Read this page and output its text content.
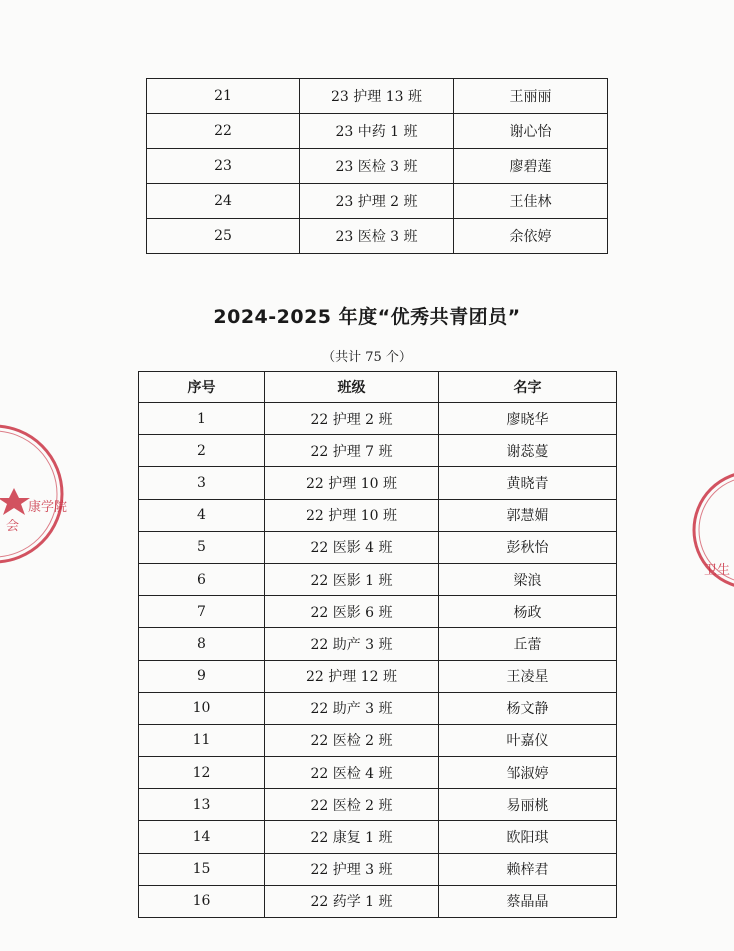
21	23 护理 13 班	王丽丽
22	23 中药 1 班	谢心怡
23	23 医检 3 班	廖碧莲
24	23 护理 2 班	王佳林
25	23 医检 3 班	余依婷
2024-2025 年度“优秀共青团员”
（共计 75 个）
序号	班级	名字
1	22 护理 2 班	廖晓华
2	22 护理 7 班	谢蕊蔓
3	22 护理 10 班	黄晓青
4	22 护理 10 班	郭慧媚
5	22 医影 4 班	彭秋怡
6	22 医影 1 班	梁浪
7	22 医影 6 班	杨政
8	22 助产 3 班	丘蕾
9	22 护理 12 班	王凌星
10	22 助产 3 班	杨文静
11	22 医检 2 班	叶嘉仪
12	22 医检 4 班	邹淑婷
13	22 医检 2 班	易丽桃
14	22 康复 1 班	欧阳琪
15	22 护理 3 班	赖梓君
16	22 药学 1 班	蔡晶晶
康学院
会
卫生
